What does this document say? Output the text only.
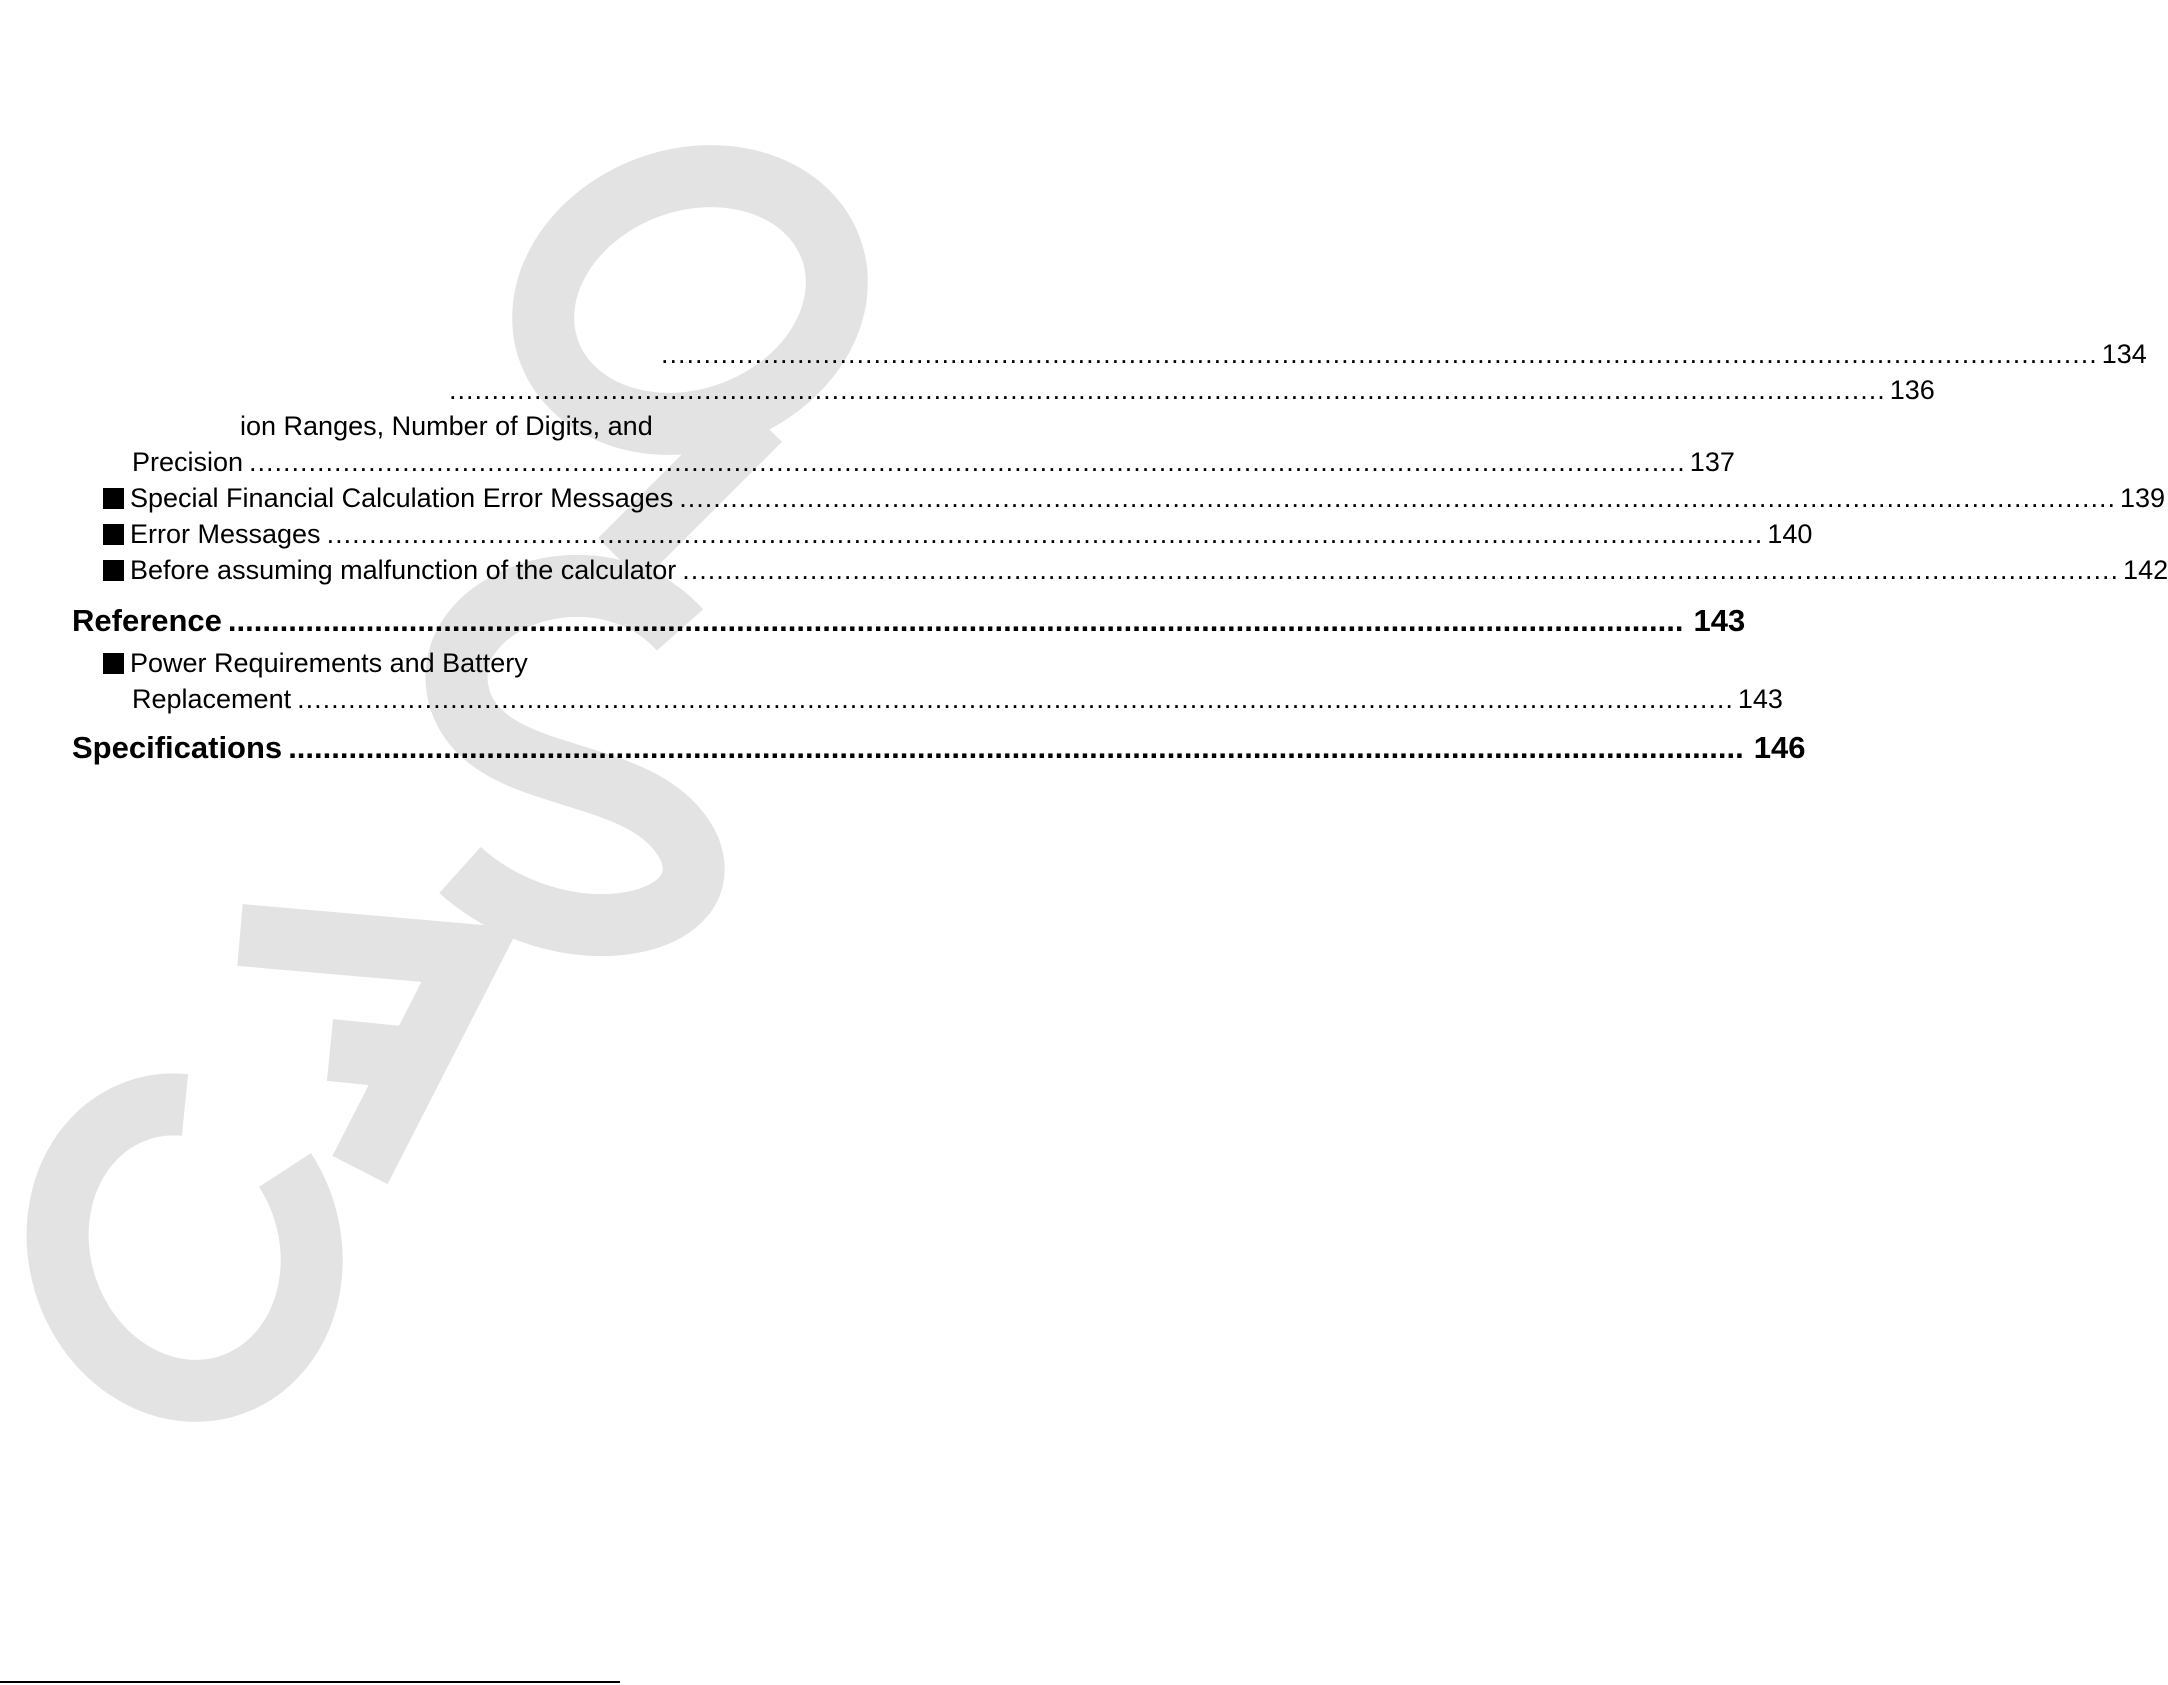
......................................................................................................................................................................... 134
......................................................................................................................................................................... 136
ion Ranges, Number of Digits, and
Precision ......................................................................................................................................................................... 137
Special Financial Calculation Error Messages ......................................................................................................................................................................... 139
Error Messages ......................................................................................................................................................................... 140
Before assuming malfunction of the calculator ......................................................................................................................................................................... 142
Reference ......................................................................................................................................................................... 143
Power Requirements and Battery
Replacement ......................................................................................................................................................................... 143
Specifications ......................................................................................................................................................................... 146
